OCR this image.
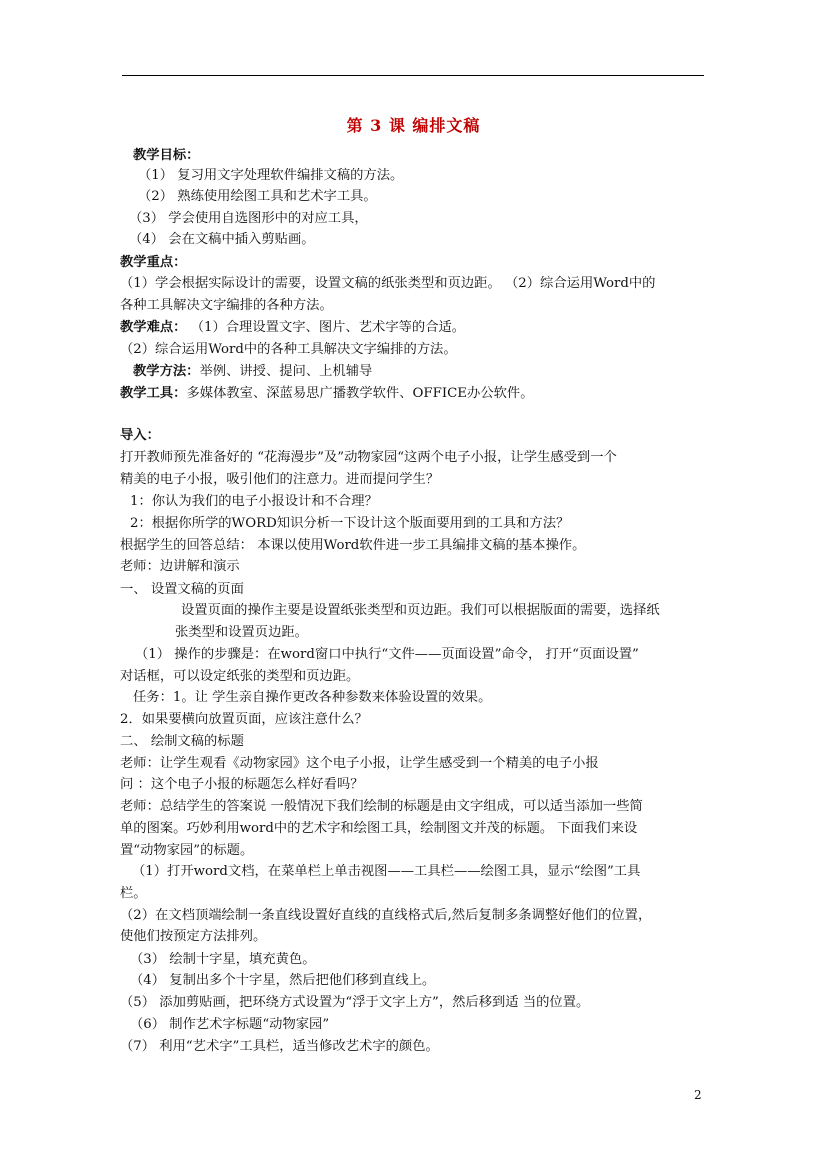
第 3 课 编排文稿
教学目标：
（1） 复习用文字处理软件编排文稿的方法。
（2） 熟练使用绘图工具和艺术字工具。
（3） 学会使用自选图形中的对应工具，
（4） 会在文稿中插入剪贴画。
教学重点：
（1）学会根据实际设计的需要，设置文稿的纸张类型和页边距。 （2）综合运用Word中的
各种工具解决文字编排的各种方法。
教学难点： （1）合理设置文字、图片、艺术字等的合适。
（2）综合运用Word中的各种工具解决文字编排的方法。
教学方法：举例、讲授、提问、上机辅导
教学工具：多媒体教室、深蓝易思广播教学软件、OFFICE办公软件。
导入：
打开教师预先准备好的 “花海漫步”及”动物家园“这两个电子小报，让学生感受到一个
精美的电子小报，吸引他们的注意力。进而提问学生？
1：你认为我们的电子小报设计和不合理？
2：根据你所学的WORD知识分析一下设计这个版面要用到的工具和方法？
根据学生的回答总结： 本课以使用Word软件进一步工具编排文稿的基本操作。
老师：边讲解和演示
一、 设置文稿的页面
设置页面的操作主要是设置纸张类型和页边距。我们可以根据版面的需要，选择纸
张类型和设置页边距。
（1） 操作的步骤是：在word窗口中执行“文件——页面设置”命令， 打开“页面设置”
对话框，可以设定纸张的类型和页边距。
任务：1。让 学生亲自操作更改各种参数来体验设置的效果。
2．如果要横向放置页面，应该注意什么？
二、 绘制文稿的标题
老师：让学生观看《动物家园》这个电子小报，让学生感受到一个精美的电子小报
问 ：这个电子小报的标题怎么样好看吗？
老师：总结学生的答案说 一般情况下我们绘制的标题是由文字组成，可以适当添加一些简
单的图案。巧妙利用word中的艺术字和绘图工具，绘制图文并茂的标题。 下面我们来设
置“动物家园”的标题。
（1）打开word文档，在菜单栏上单击视图——工具栏——绘图工具，显示“绘图”工具
栏。
（2）在文档顶端绘制一条直线设置好直线的直线格式后,然后复制多条调整好他们的位置，
使他们按预定方法排列。
（3） 绘制十字星，填充黄色。
（4） 复制出多个十字星，然后把他们移到直线上。
（5） 添加剪贴画，把环绕方式设置为“浮于文字上方”，然后移到适 当的位置。
（6） 制作艺术字标题“动物家园”
（7） 利用“艺术字”工具栏，适当修改艺术字的颜色。
2
